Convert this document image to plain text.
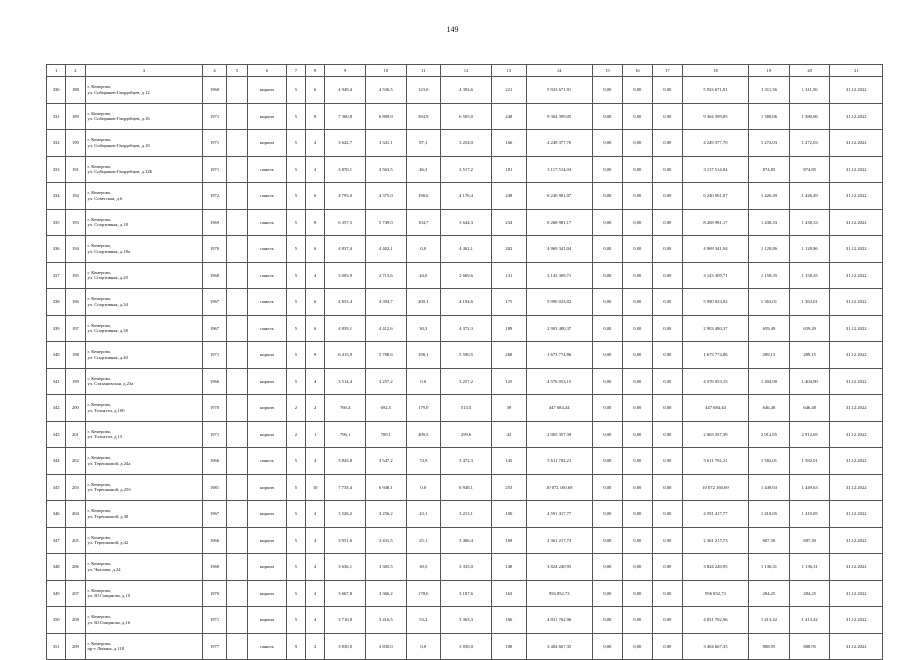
149
1	2	3	4	5	6	7	8	9	10	11	12	13	14	15	16	17	18	19	20	21
330	188	г. Кемерово,
ул. Сибиряков-Гвардейцев, д.12	1960		кирпич	5	6	4 949,4	4 536,5	123,0	4 392,6	221	5 923 671,91	0,00	0,00	0,00	5 923 671,91	1 311,56	1 311,56	31.12.2022
331	189	г. Кемерово,
ул. Сибиряков-Гвардейцев, д.16	1971		кирпич	5	8	7 360,8	6 899,9	394,9	6 505,0	248	9 364 399,05	0,00	0,00	0,00	9 364 399,05	1 380,06	1 380,06	31.12.2022
332	190	г. Кемерово,
ул. Сибиряков-Гвардейцев, д.18	1971		кирпич	5	4	3 642,7	3 341,1	87,1	3 254,0	166	4 249 377,70	0,00	0,00	0,00	4 249 377,70	1 272,03	1 272,03	31.12.2022
333	191	г. Кемерово,
ул. Сибиряков-Гвардейцев, д.32Б	1971		панель	5	4	3 870,1	3 563,5	46,3	3 517,2	181	3 117 514,04	0,00	0,00	0,00	3 117 514,04	874,85	874,85	31.12.2022
334	192	г. Кемерово,
ул. Советская, д.6	1972		панель	5	6	4 793,0	4 375,0	198,6	4 176,4	248	6 240 901,07	0,00	0,00	0,00	6 240 901,07	1 426,49	1 426,49	31.12.2022
335	193	г. Кемерово,
ул. Спортивная, д.18	1969		панель	5	8	6 357,5	5 749,0	104,7	5 644,3	234	8 268 981,17	0,00	0,00	0,00	8 268 981,17	1 438,33	1 438,33	31.12.2022
336	194	г. Кемерово,
ул. Спортивная, д.18а	1970		панель	5	6	4 837,4	4 402,1	0,0	4 402,1	202	4 969 341,04	0,00	0,00	0,00	4 969 341,04	1 128,86	1 128,86	31.12.2022
337	195	г. Кемерово,
ул. Спортивная, д.20	1968		панель	5	4	3 003,9	2 713,6	44,0	2 669,6	131	3 143 309,71	0,00	0,00	0,00	3 143 309,71	1 158,35	1 158,35	31.12.2022
338	196	г. Кемерово,
ул. Спортивная, д.34	1967		панель	5	6	4 853,4	4 394,7	200,1	4 194,6	175	5 990 023,02	0,00	0,00	0,00	5 990 023,02	1 363,01	1 363,01	31.12.2022
339	197	г. Кемерово,
ул. Спортивная, д.38	1967		панель	5	6	4 839,1	4 412,6	30,3	4 372,3	189	2 903 480,37	0,00	0,00	0,00	2 903 480,37	659,49	659,49	31.12.2022
340	198	г. Кемерово,
ул. Спортивная, д.40	1971		кирпич	5	8	6 415,9	5 788,6	198,1	5 590,5	268	1 673 774,86	0,00	0,00	0,00	1 673 774,86	289,15	289,15	31.12.2022
341	199	г. Кемерово,
ул. Стахановская, д.23а	1966		кирпич	5	4	3 514,4	3 257,2	0,0	3 257,2	125	4 576 053,15	0,00	0,00	0,00	4 576 053,15	1 404,90	1 404,90	31.12.2022
342	200	г. Кемерово,
ул. Тольятти, д.100	1970		кирпич	2	2	760,4	692,5	179,0	513,5	39	447 684,44	0,00	0,00	0,00	447 684,44	646,48	646,48	31.12.2022
343	201	г. Кемерово,
ул. Тольятти, д.15	1971		кирпич	2	1	796,1	709,1	409,5	299,6	42	2 065 357,39	0,00	0,00	0,00	2 065 357,39	2 912,65	2 912,65	31.12.2022
344	202	г. Кемерово,
ул. Терешковой, д.24а	1966		панель	5	4	3 843,8	3 547,2	74,9	3 472,3	145	5 611 702,21	0,00	0,00	0,00	5 611 702,21	1 582,01	1 582,01	31.12.2022
345	203	г. Кемерово,
ул. Терешковой, д.25б	1981		кирпич	5	10	7 735,4	6 948,1	0,0	6 948,1	253	10 072 160,69	0,00	0,00	0,00	10 072 160,69	1 449,63	1 449,63	31.12.2022
346	204	г. Кемерово,
ул. Терешковой, д.38	1967		кирпич	5	4	3 526,2	3 256,2	43,1	3 213,1	100	4 591 417,77	0,00	0,00	0,00	4 591 417,77	1 410,05	1 410,05	31.12.2022
347	205	г. Кемерово,
ул. Терешковой, д.42	1966		кирпич	5	4	3 951,6	3 431,5	25,1	3 406,4	168	2 361 217,73	0,00	0,00	0,00	2 361 217,73	687,30	687,30	31.12.2022
348	206	г. Кемерово,
ул. Чкалова, д.24	1968		кирпич	5	4	3 636,1	3 365,5	30,5	3 335,0	148	3 824 240,95	0,00	0,00	0,00	3 824 240,95	1 136,31	1 136,31	31.12.2022
349	207	г. Кемерово,
ул. Ю.Смирнова, д.10	1970		кирпич	5	4	3 667,8	3 366,2	178,6	3 187,6	163	956 852,73	0,00	0,00	0,00	956 852,73	284,25	284,25	31.12.2022
350	208	г. Кемерово,
ул. Ю.Смирнова, д.16	1971		кирпич	5	4	3 710,8	3 416,5	53,2	3 363,3	166	4 831 762,96	0,00	0,00	0,00	4 831 762,96	1 413,42	1 413,42	31.12.2022
351	209	г. Кемерово,
пр-т Ленина, д.118	1977		панель	9	2	3 830,0	3 830,0	0,0	3 830,0	108	3 404 667,35	0,00	0,00	0,00	3 404 667,35	888,95	888,95	31.12.2022
